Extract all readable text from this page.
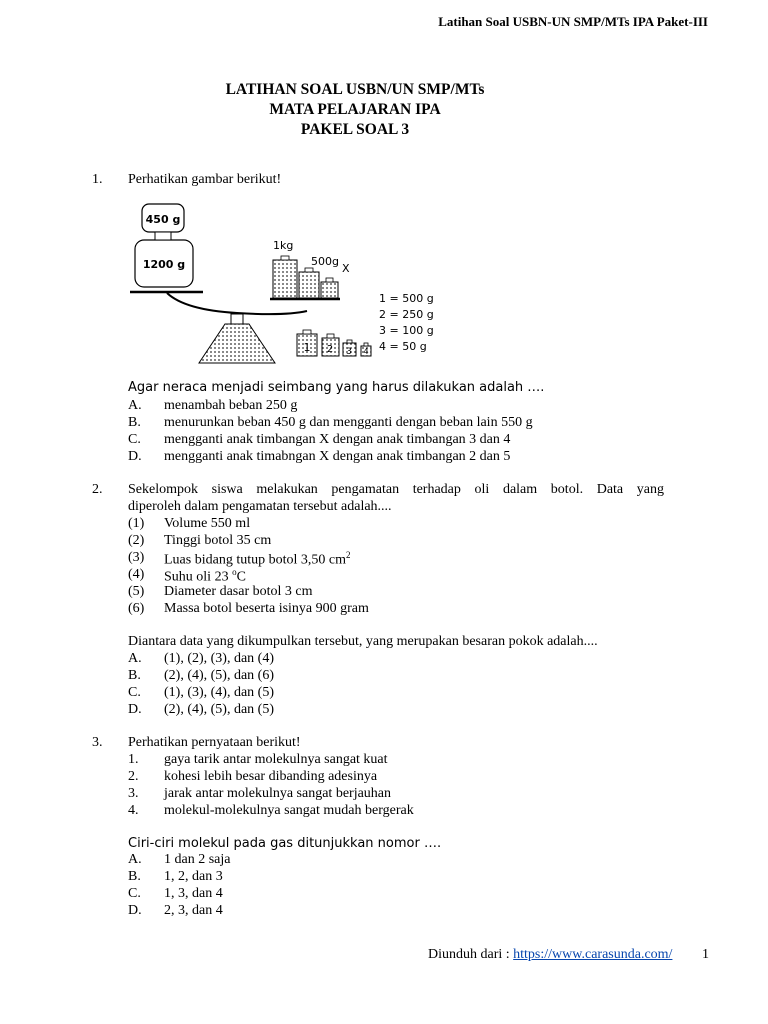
Latihan Soal USBN-UN SMP/MTs IPA Paket-III
LATIHAN SOAL USBN/UN SMP/MTs
MATA PELAJARAN IPA
PAKEL SOAL 3
1. Perhatikan gambar berikut!
450 g
1200 g
1kg
500g
X
1 = 500 g
2 = 250 g
3 = 100 g
4 = 50 g
1 2 3 4
Agar neraca menjadi seimbang yang harus dilakukan adalah ….
A. menambah beban 250 g
B. menurunkan beban 450 g dan mengganti dengan beban lain 550 g
C. mengganti anak timbangan X dengan anak timbangan 3 dan 4
D. mengganti anak timabngan X dengan anak timbangan 2 dan 5
2. Sekelompok siswa melakukan pengamatan terhadap oli dalam botol. Data yang
diperoleh dalam pengamatan tersebut adalah....
(1) Volume 550 ml
(2) Tinggi botol 35 cm
(3) Luas bidang tutup botol 3,50 $cm^2$
(4) Suhu oli 23 $^o$C
(5) Diameter dasar botol 3 cm
(6) Massa botol beserta isinya 900 gram
Diantara data yang dikumpulkan tersebut, yang merupakan besaran pokok adalah....
A. (1), (2), (3), dan (4)
B. (2), (4), (5), dan (6)
C. (1), (3), (4), dan (5)
D. (2), (4), (5), dan (5)
3. Perhatikan pernyataan berikut!
1. gaya tarik antar molekulnya sangat kuat
2. kohesi lebih besar dibanding adesinya
3. jarak antar molekulnya sangat berjauhan
4. molekul-molekulnya sangat mudah bergerak
Ciri-ciri molekul pada gas ditunjukkan nomor ….
A. 1 dan 2 saja
B. 1, 2, dan 3
C. 1, 3, dan 4
D. 2, 3, dan 4
Diunduh dari : https://www.carasunda.com/ 1
